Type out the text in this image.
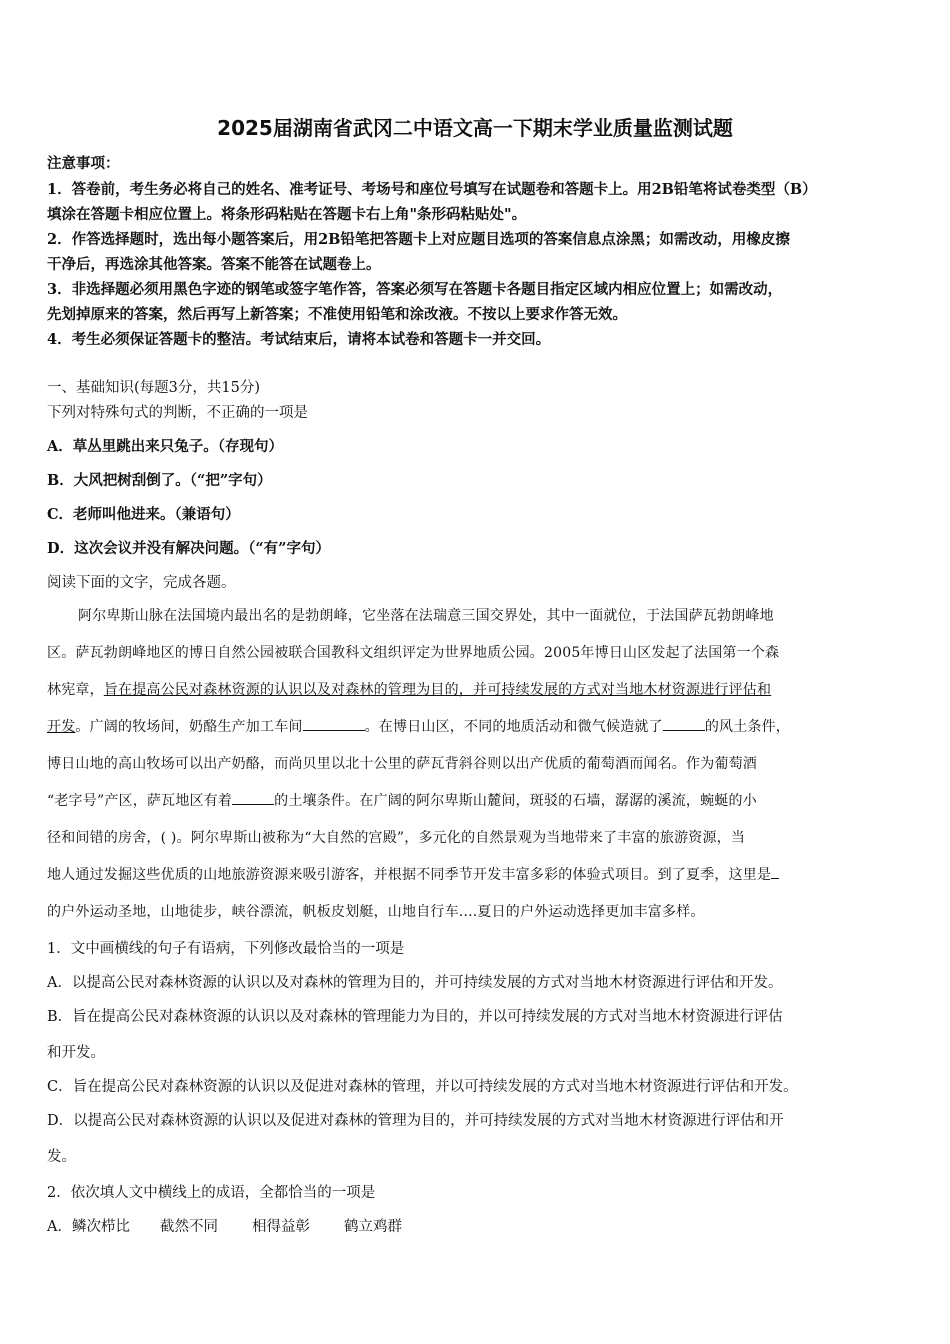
2025届湖南省武冈二中语文高一下期末学业质量监测试题
注意事项：
1．答卷前，考生务必将自己的姓名、准考证号、考场号和座位号填写在试题卷和答题卡上。用2B铅笔将试卷类型（B）
填涂在答题卡相应位置上。将条形码粘贴在答题卡右上角"条形码粘贴处"。
2．作答选择题时，选出每小题答案后，用2B铅笔把答题卡上对应题目选项的答案信息点涂黑；如需改动，用橡皮擦
干净后，再选涂其他答案。答案不能答在试题卷上。
3．非选择题必须用黑色字迹的钢笔或签字笔作答，答案必须写在答题卡各题目指定区域内相应位置上；如需改动，
先划掉原来的答案，然后再写上新答案；不准使用铅笔和涂改液。不按以上要求作答无效。
4．考生必须保证答题卡的整洁。考试结束后，请将本试卷和答题卡一并交回。
一、基础知识(每题3分，共15分)
下列对特殊句式的判断，不正确的一项是
A．草丛里跳出来只兔子。（存现句）
B．大风把树刮倒了。（“把”字句）
C．老师叫他进来。（兼语句）
D．这次会议并没有解决问题。（“有”字句）
阅读下面的文字，完成各题。
阿尔卑斯山脉在法国境内最出名的是勃朗峰，它坐落在法瑞意三国交界处，其中一面就位，于法国萨瓦勃朗峰地
区。萨瓦勃朗峰地区的博日自然公园被联合国教科文组织评定为世界地质公园。2005年博日山区发起了法国第一个森
林宪章，旨在提高公民对森林资源的认识以及对森林的管理为目的，并可持续发展的方式对当地木材资源进行评估和
开发。广阔的牧场间，奶酪生产加工车间	。在博日山区，不同的地质活动和微气候造就了	的风土条件，
博日山地的高山牧场可以出产奶酪，而尚贝里以北十公里的萨瓦背斜谷则以出产优质的葡萄酒而闻名。作为葡萄酒
“老字号”产区，萨瓦地区有着	的土壤条件。在广阔的阿尔卑斯山麓间，斑驳的石墙，潺潺的溪流，蜿蜒的小
径和间错的房舍，( )。阿尔卑斯山被称为“大自然的宫殿”，多元化的自然景观为当地带来了丰富的旅游资源，当
地人通过发掘这些优质的山地旅游资源来吸引游客，并根据不同季节开发丰富多彩的体验式项目。到了夏季，这里是
的户外运动圣地，山地徒步，峡谷漂流，帆板皮划艇，山地自行车....夏日的户外运动选择更加丰富多样。
1．文中画横线的句子有语病，下列修改最恰当的一项是
A．以提高公民对森林资源的认识以及对森林的管理为目的，并可持续发展的方式对当地木材资源进行评估和开发。
B．旨在提高公民对森林资源的认识以及对森林的管理能力为目的，并以可持续发展的方式对当地木材资源进行评估
和开发。
C．旨在提高公民对森林资源的认识以及促进对森林的管理，并以可持续发展的方式对当地木材资源进行评估和开发。
D．以提高公民对森林资源的认识以及促进对森林的管理为目的，并可持续发展的方式对当地木材资源进行评估和开
发。
2．依次填人文中横线上的成语，全都恰当的一项是
A．鳞次栉比 截然不同 相得益彰 鹤立鸡群
